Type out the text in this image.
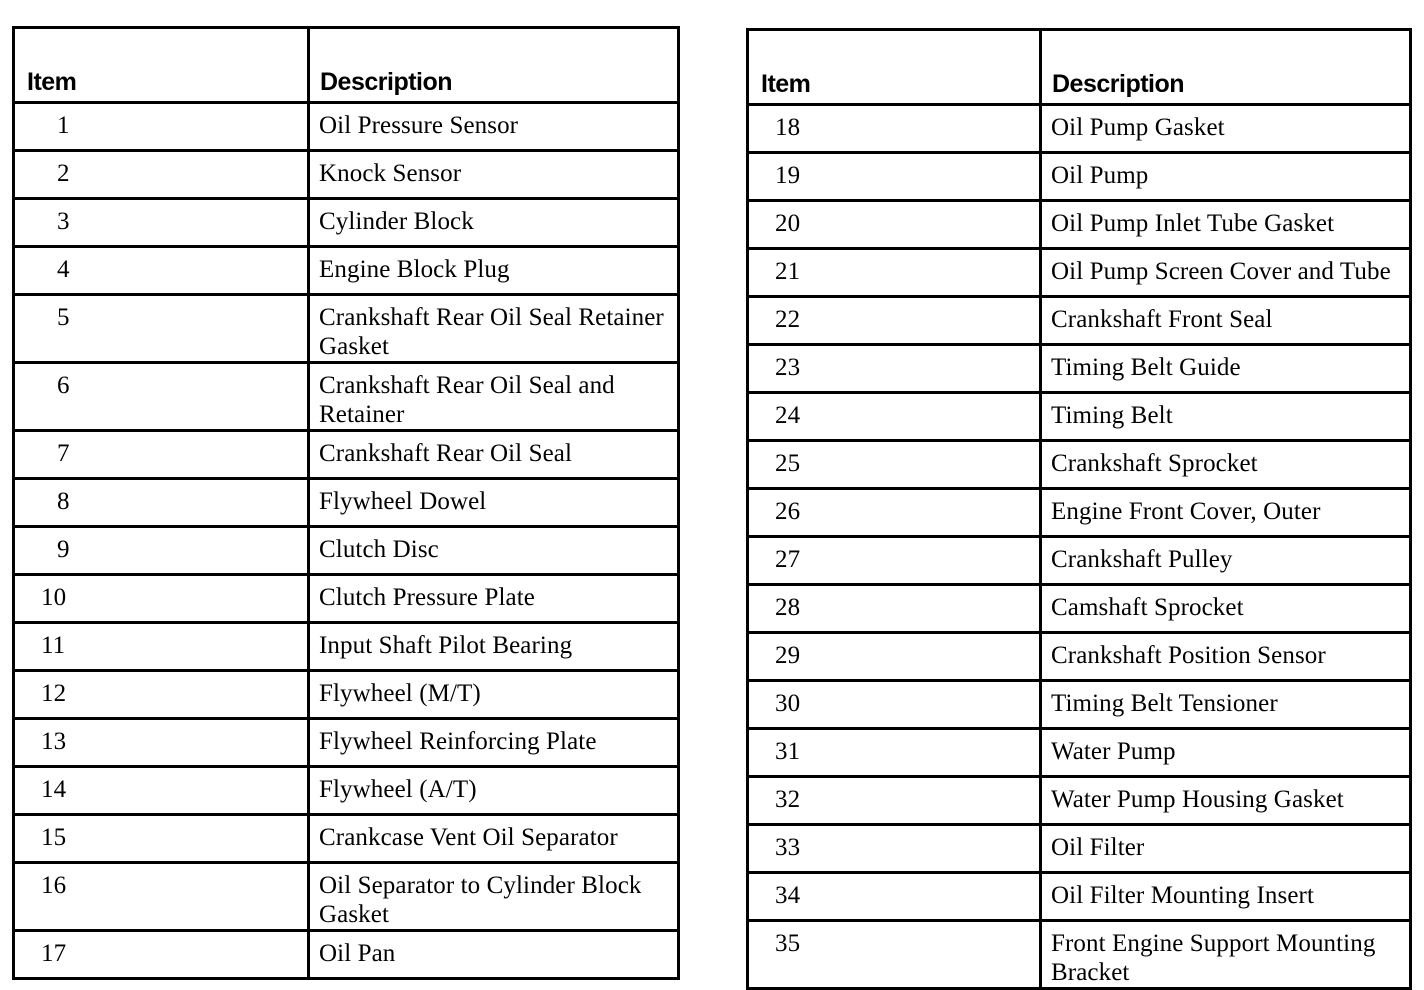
Item	Description
1	Oil Pressure Sensor
2	Knock Sensor
3	Cylinder Block
4	Engine Block Plug
5	Crankshaft Rear Oil Seal Retainer Gasket
6	Crankshaft Rear Oil Seal and Retainer
7	Crankshaft Rear Oil Seal
8	Flywheel Dowel
9	Clutch Disc
10	Clutch Pressure Plate
11	Input Shaft Pilot Bearing
12	Flywheel (M/T)
13	Flywheel Reinforcing Plate
14	Flywheel (A/T)
15	Crankcase Vent Oil Separator
16	Oil Separator to Cylinder Block Gasket
17	Oil Pan
Item	Description
18	Oil Pump Gasket
19	Oil Pump
20	Oil Pump Inlet Tube Gasket
21	Oil Pump Screen Cover and Tube
22	Crankshaft Front Seal
23	Timing Belt Guide
24	Timing Belt
25	Crankshaft Sprocket
26	Engine Front Cover, Outer
27	Crankshaft Pulley
28	Camshaft Sprocket
29	Crankshaft Position Sensor
30	Timing Belt Tensioner
31	Water Pump
32	Water Pump Housing Gasket
33	Oil Filter
34	Oil Filter Mounting Insert
35	Front Engine Support Mounting Bracket
